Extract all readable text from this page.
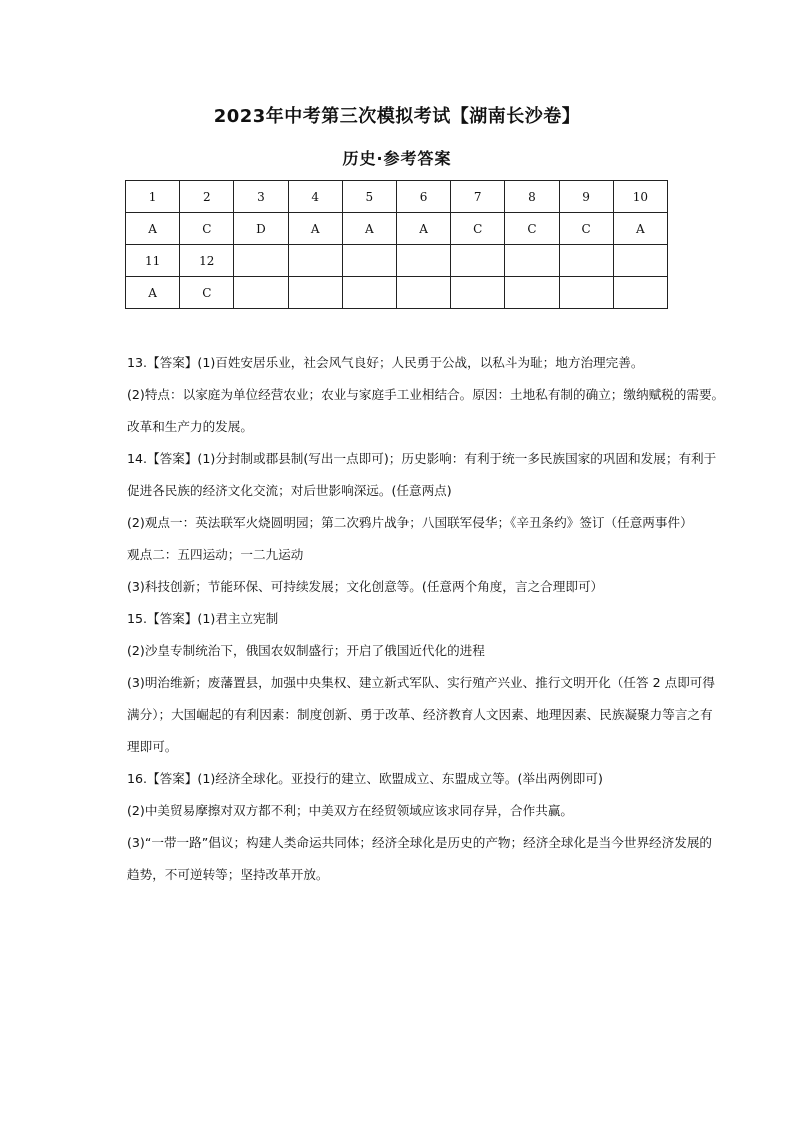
2023年中考第三次模拟考试【湖南长沙卷】
历史·参考答案
1	2	3	4	5	6	7	8	9	10
A	C	D	A	A	A	C	C	C	A
11	12								
A	C								

13.【答案】(1)百姓安居乐业，社会风气良好；人民勇于公战，以私斗为耻；地方治理完善。

(2)特点：以家庭为单位经营农业；农业与家庭手工业相结合。原因：土地私有制的确立；缴纳赋税的需要。

改革和生产力的发展。

14.【答案】(1)分封制或郡县制(写出一点即可)；历史影响：有利于统一多民族国家的巩固和发展；有利于

促进各民族的经济文化交流；对后世影响深远。(任意两点)

(2)观点一：英法联军火烧圆明园；第二次鸦片战争；八国联军侵华；《辛丑条约》签订（任意两事件）

观点二：五四运动；一二九运动

(3)科技创新；节能环保、可持续发展；文化创意等。(任意两个角度，言之合理即可）

15.【答案】(1)君主立宪制

(2)沙皇专制统治下，俄国农奴制盛行；开启了俄国近代化的进程

(3)明治维新；废藩置县，加强中央集权、建立新式军队、实行殖产兴业、推行文明开化（任答 2 点即可得

满分）；大国崛起的有利因素：制度创新、勇于改革、经济教育人文因素、地理因素、民族凝聚力等言之有

理即可。

16.【答案】(1)经济全球化。亚投行的建立、欧盟成立、东盟成立等。(举出两例即可)

(2)中美贸易摩擦对双方都不利；中美双方在经贸领域应该求同存异，合作共赢。

(3)“一带一路”倡议；构建人类命运共同体；经济全球化是历史的产物；经济全球化是当今世界经济发展的

趋势，不可逆转等；坚持改革开放。
